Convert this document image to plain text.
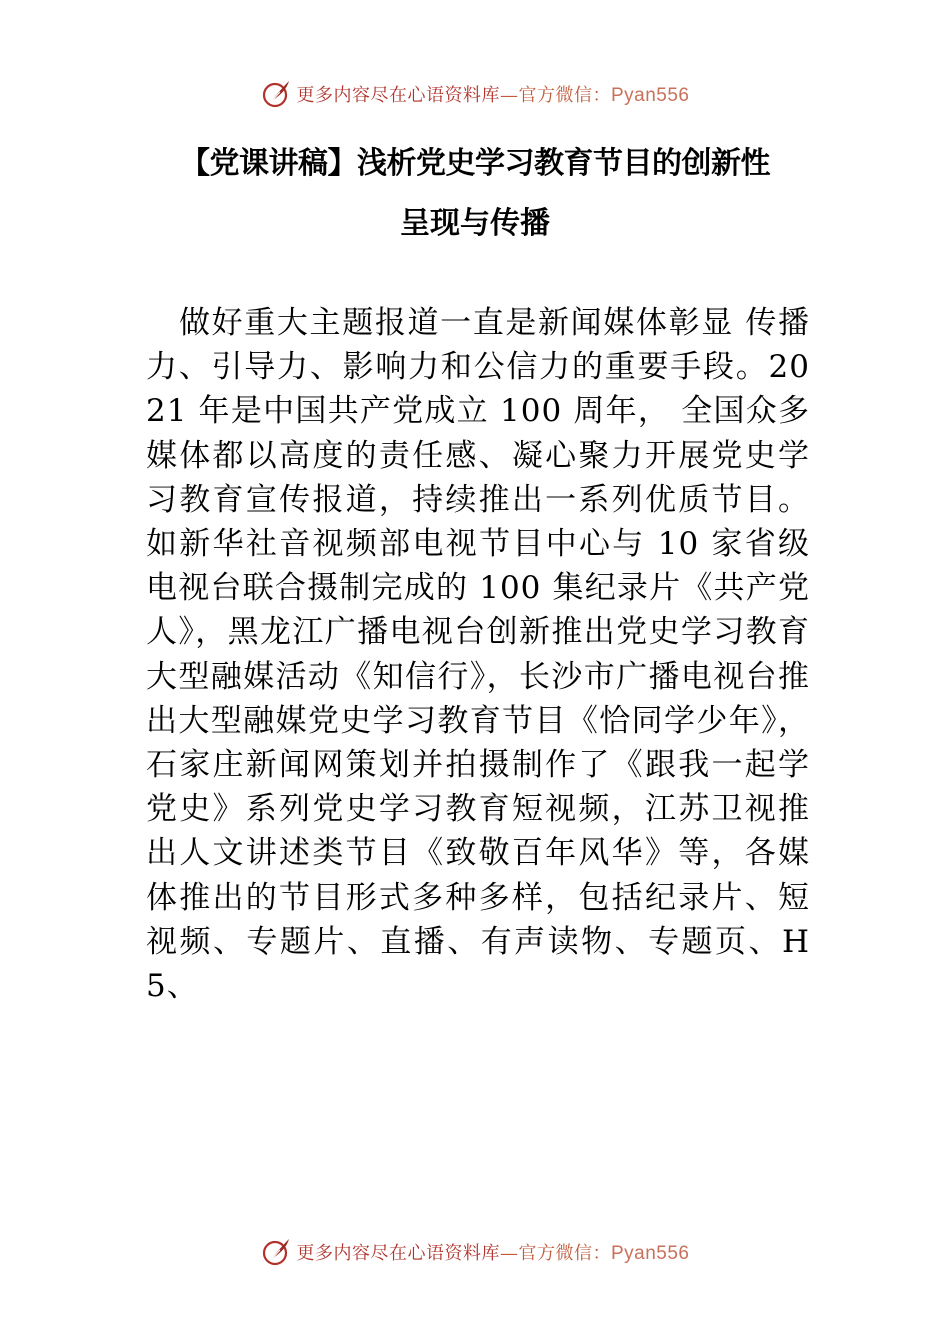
更多内容尽在心语资料库—官方微信：Pyan556
【党课讲稿】浅析党史学习教育节目的创新性
呈现与传播

做好重大主题报道一直是新闻媒体彰显 传播力、引导力、影响力和公信力的重要手段。2021 年是中国共产党成立 100 周年， 全国众多媒体都以高度的责任感、凝心聚力开展党史学习教育宣传报道，持续推出一系列优质节目。如新华社音视频部电视节目中心与 10 家省级电视台联合摄制完成的 100 集纪录片《共产党人》，黑龙江广播电视台创新推出党史学习教育大型融媒活动《知信行》，长沙市广播电视台推出大型融媒党史学习教育节目《恰同学少年》，石家庄新闻网策划并拍摄制作了《跟我一起学党史》系列党史学习教育短视频，江苏卫视推出人文讲述类节目《致敬百年风华》等，各媒体推出的节目形式多种多样，包括纪录片、短视频、专题片、直播、有声读物、专题页、H5、

更多内容尽在心语资料库—官方微信：Pyan556
